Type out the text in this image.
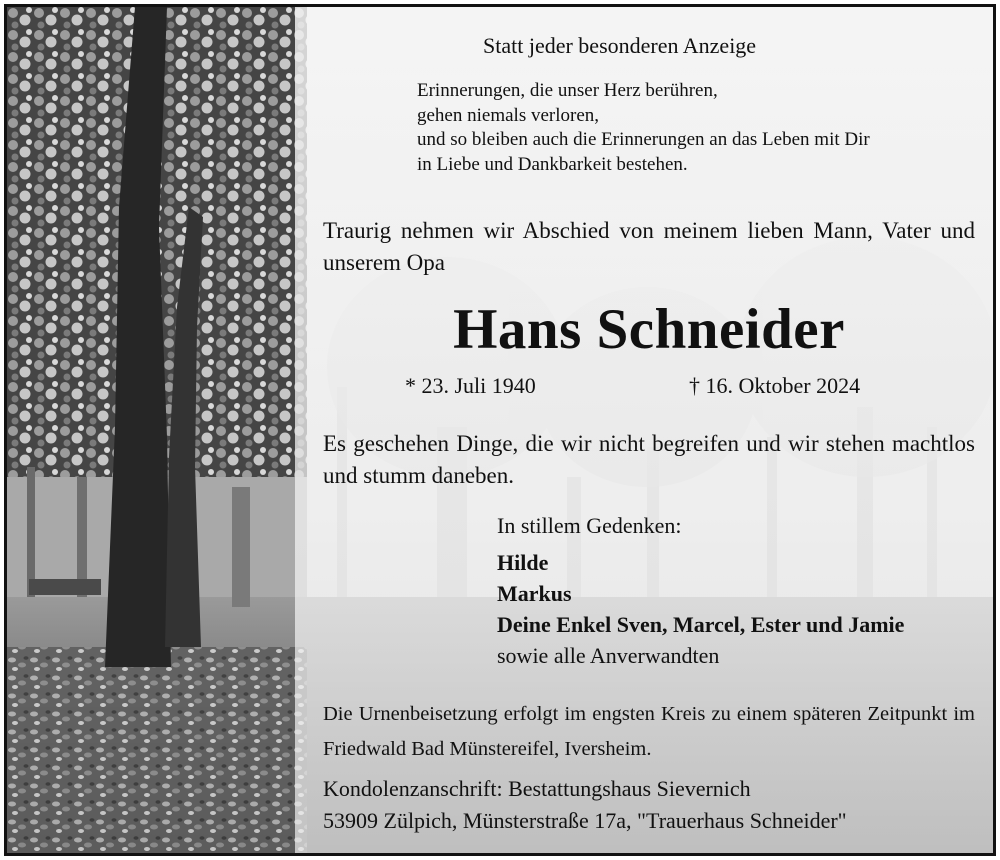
Statt jeder besonderen Anzeige
Erinnerungen, die unser Herz berühren,
gehen niemals verloren,
und so bleiben auch die Erinnerungen an das Leben mit Dir
in Liebe und Dankbarkeit bestehen.
Traurig nehmen wir Abschied von meinem lieben Mann, Vater und unserem Opa
Hans Schneider
* 23. Juli 1940	† 16. Oktober 2024
Es geschehen Dinge, die wir nicht begreifen und wir stehen machtlos und stumm daneben.
In stillem Gedenken:
Hilde
Markus
Deine Enkel Sven, Marcel, Ester und Jamie
sowie alle Anverwandten
Die Urnenbeisetzung erfolgt im engsten Kreis zu einem späteren Zeitpunkt im Friedwald Bad Münstereifel, Iversheim.
Kondolenzanschrift: Bestattungshaus Sievernich
53909 Zülpich, Münsterstraße 17a, "Trauerhaus Schneider"
